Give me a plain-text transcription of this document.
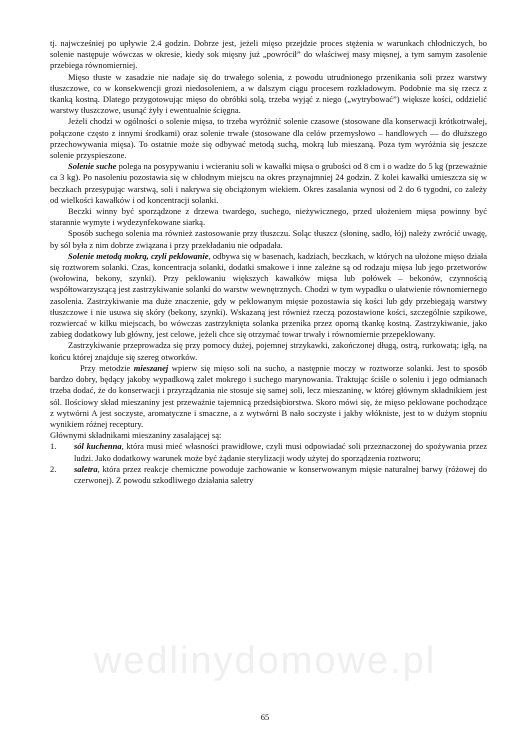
wedlinydomowe.pl

tj. najwcześniej po upływie 2.4 godzin. Dobrze jest, jeżeli mięso przejdzie proces stężenia w warunkach chłodniczych, bo solenie następuje wówczas w okresie, kiedy sok mięsny już „powrócił” do właściwej masy mięsnej, a tym samym zasolenie przebiega równomierniej.

Mięso tłuste w zasadzie nie nadaje się do trwałego solenia, z powodu utrudnionego przenikania soli przez warstwy tłuszczowe, co w konsekwencji grozi niedosoleniem, a w dalszym ciągu procesem rozkładowym. Podobnie ma się rzecz z tkanką kostną. Dlatego przygotowując mięso do obróbki solą, trzeba wyjąć z niego („wytrybować”) większe kości, oddzielić warstwy tłuszczowe, usunąć żyły i ewentualnie ścięgna.

Jeżeli chodzi w ogólności o solenie mięsa, to trzeba wyróżnić solenie czasowe (stosowane dla konserwacji krótkotrwałej, połączone często z innymi środkami) oraz solenie trwałe (stosowane dla celów przemysłowo – handlowych — do dłuższego przechowywania mięsa). To ostatnie może się odbywać metodą suchą, mokrą lub mieszaną. Poza tym wyróżnia się jeszcze solenie przyspieszone.

Solenie suche polega na posypywaniu i wcieraniu soli w kawałki mięsa o grubości od 8 cm i o wadze do 5 kg (przeważnie ca 3 kg). Po nasoleniu pozostawia się w chłodnym miejscu na okres przynajmniej 24 godzin. Z kolei kawałki umieszcza się w beczkach przesypując warstwą, soli i nakrywa się obciążonym wiekiem. Okres zasalania wynosi od 2 do 6 tygodni, co zależy od wielkości kawałków i od koncentracji solanki.

Beczki winny być sporządzone z drzewa twardego, suchego, nieżywicznego, przed ułożeniem mięsa powinny być starannie wymyte i wydezynfekowane siarką.

Sposób suchego solenia ma również zastosowanie przy tłuszczu. Soląc tłuszcz (słoninę, sadło, łój) należy zwrócić uwagę, by sól była z nim dobrze związana i przy przekładaniu nie odpadała.

Solenie metodą mokrą, czyli peklowanie, odbywa się w basenach, kadziach, beczkach, w których na ułożone mięso działa się roztworem solanki. Czas, koncentracja solanki, dodatki smakowe i inne zależne są od rodzaju mięsa lub jego przetworów (wołowina, bekony, szynki). Przy peklowaniu większych kawałków mięsa lub połówek – bekonów, czynnością współtowarzyszącą jest zastrzykiwanie solanki do warstw wewnętrznych. Chodzi w tym wypadku o ułatwienie równomiernego zasolenia. Zastrzykiwanie ma duże znaczenie, gdy w peklowanym mięsie pozostawia się kości lub gdy przebiegają warstwy tłuszczowe i nie usuwa się skóry (bekony, szynki). Wskazaną jest również rzeczą pozostawione kości, szczególnie szpikowe, rozwiercać w kilku miejscach, bo wówczas zastrzyknięta solanka przenika przez oporną tkankę kostną. Zastrzykiwanie, jako zabieg dodatkowy lub główny, jest celowe, jeżeli chce się otrzymać towar trwały i równomiernie przepeklowany.

Zastrzykiwanie przeprowadza się przy pomocy dużej, pojemnej strzykawki, zakończonej długą, ostrą, rurkowatą; igłą, na końcu której znajduje się szereg otworków.

Przy metodzie mieszanej wpierw się mięso soli na sucho, a następnie moczy w roztworze solanki. Jest to sposób bardzo dobry, będący jakoby wypadkową zalet mokrego i suchego marynowania. Traktując ściśle o soleniu i jego odmianach trzeba dodać, że do konserwacji i przyrządzania nie stosuje się samej soli, lecz mieszaninę, w której głównym składnikiem jest sól. Ilościowy skład mieszaniny jest przeważnie tajemnicą przedsiębiorstwa. Skoro mówi się, że mięso peklowane pochodzące z wytwórni A jest soczyste, aromatyczne i smaczne, a z wytwórni B nało soczyste i jakby włókniste, jest to w dużym stopniu wynikiem różnej receptury.

Głównymi składnikami mieszaniny zasalającej są:

1. sól kuchenna, która musi mieć własności prawidłowe, czyli musi odpowiadać soli przeznaczonej do spożywania przez ludzi. Jako dodatkowy warunek może być żądanie sterylizacji wody użytej do sporządzenia roztworu;
2. saletra, która przez reakcje chemiczne powoduje zachowanie w konserwowanym mięsie naturalnej barwy (różowej do czerwonej). Z powodu szkodliwego działania saletry
65
